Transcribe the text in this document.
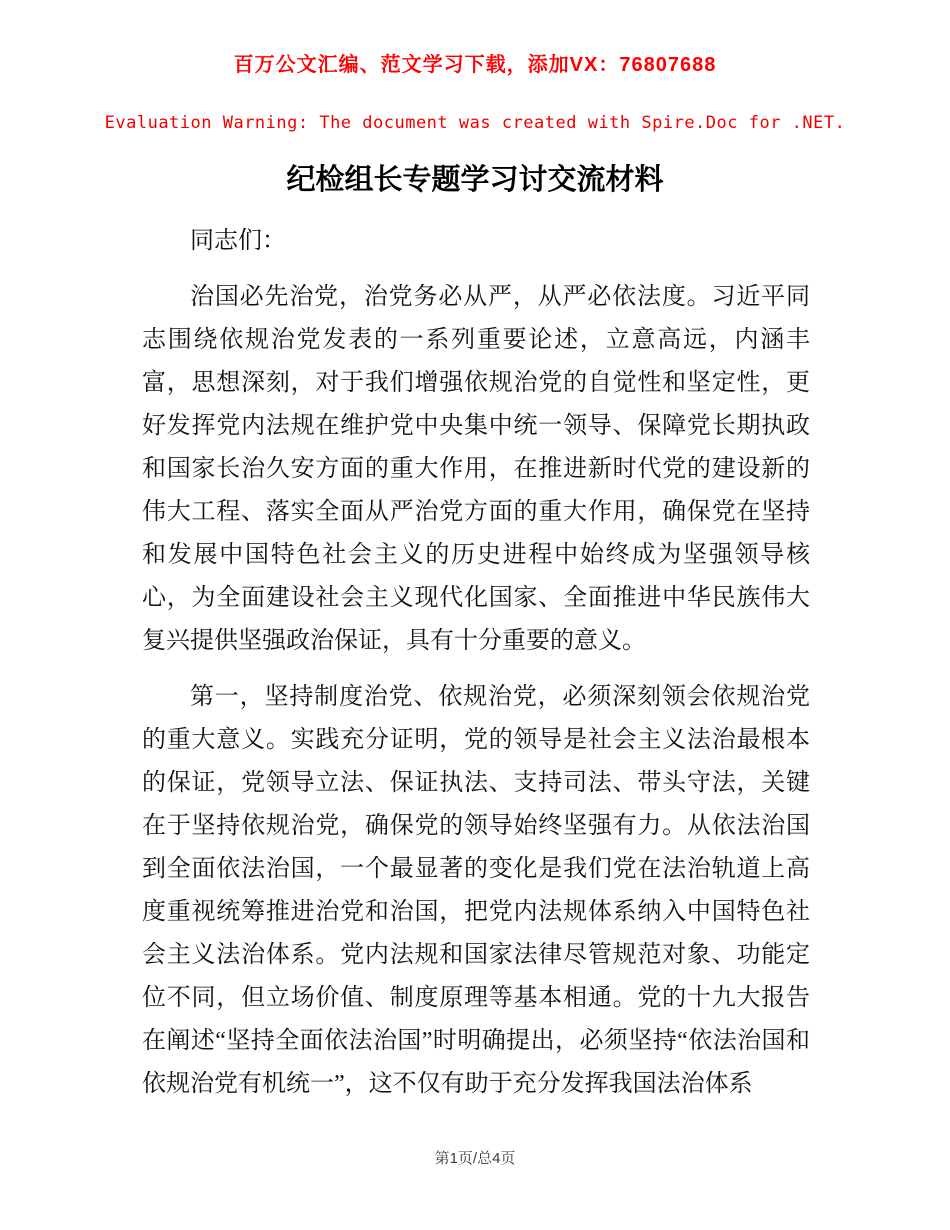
百万公文汇编、范文学习下载，添加VX：76807688
Evaluation Warning: The document was created with Spire.Doc for .NET.
纪检组长专题学习讨交流材料

同志们：

治国必先治党，治党务必从严，从严必依法度。习近平同志围绕依规治党发表的一系列重要论述，立意高远，内涵丰富，思想深刻，对于我们增强依规治党的自觉性和坚定性，更好发挥党内法规在维护党中央集中统一领导、保障党长期执政和国家长治久安方面的重大作用，在推进新时代党的建设新的伟大工程、落实全面从严治党方面的重大作用，确保党在坚持和发展中国特色社会主义的历史进程中始终成为坚强领导核心，为全面建设社会主义现代化国家、全面推进中华民族伟大复兴提供坚强政治保证，具有十分重要的意义。

第一，坚持制度治党、依规治党，必须深刻领会依规治党的重大意义。实践充分证明，党的领导是社会主义法治最根本的保证，党领导立法、保证执法、支持司法、带头守法，关键在于坚持依规治党，确保党的领导始终坚强有力。从依法治国到全面依法治国，一个最显著的变化是我们党在法治轨道上高度重视统筹推进治党和治国，把党内法规体系纳入中国特色社会主义法治体系。党内法规和国家法律尽管规范对象、功能定位不同，但立场价值、制度原理等基本相通。党的十九大报告在阐述“坚持全面依法治国”时明确提出，必须坚持“依法治国和依规治党有机统一”，这不仅有助于充分发挥我国法治体系

第1页/总4页
